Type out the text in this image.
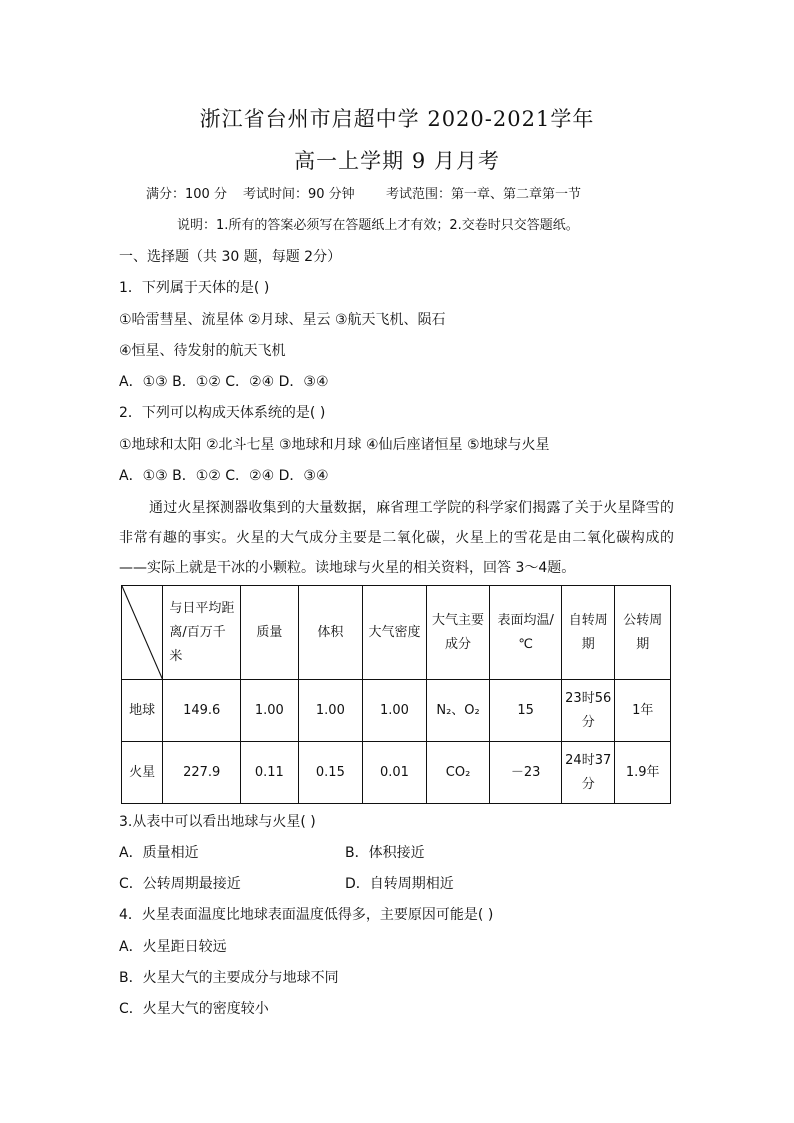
浙江省台州市启超中学 2020-2021学年
高一上学期 9 月月考
满分：100 分 考试时间：90 分钟 考试范围：第一章、第二章第一节
说明：1.所有的答案必须写在答题纸上才有效；2.交卷时只交答题纸。
一、选择题（共 30 题，每题 2分）
1．下列属于天体的是( )
①哈雷彗星、流星体 ②月球、星云 ③航天飞机、陨石
④恒星、待发射的航天飞机
A．①③ B．①② C．②④ D．③④
2．下列可以构成天体系统的是( )
①地球和太阳 ②北斗七星 ③地球和月球 ④仙后座诸恒星 ⑤地球与火星
A．①③ B．①② C．②④ D．③④
通过火星探测器收集到的大量数据，麻省理工学院的科学家们揭露了关于火星降雪的非常有趣的事实。火星的大气成分主要是二氧化碳，火星上的雪花是由二氧化碳构成的——实际上就是干冰的小颗粒。读地球与火星的相关资料，回答 3～4题。
	与日平均距离/百万千米	质量	体积	大气密度	大气主要成分	表面均温/℃	自转周期	公转周期
地球	149.6	1.00	1.00	1.00	N₂、O₂	15	23时56分	1年
火星	227.9	0.11	0.15	0.01	CO₂	－23	24时37分	1.9年
3.从表中可以看出地球与火星( )
A．质量相近	B．体积接近
C．公转周期最接近	D．自转周期相近
4．火星表面温度比地球表面温度低得多，主要原因可能是( )
A．火星距日较远
B．火星大气的主要成分与地球不同
C．火星大气的密度较小
